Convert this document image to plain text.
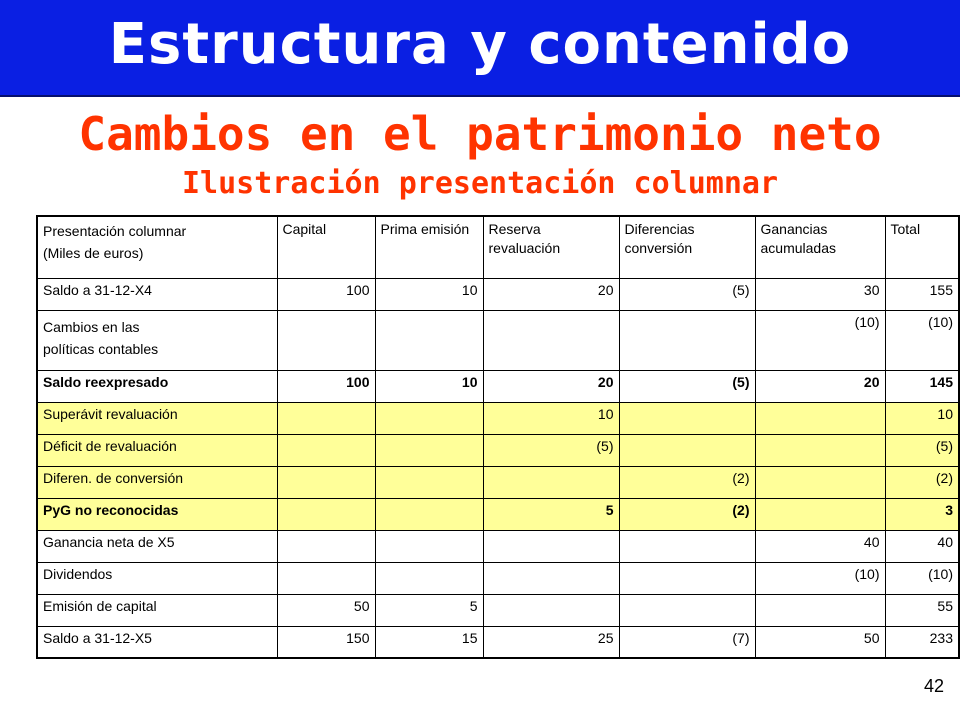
Estructura y contenido
Cambios en el patrimonio neto
Ilustración presentación columnar
Presentación columnar
(Miles de euros)	Capital	Prima emisión	Reserva revaluación	Diferencias conversión	Ganancias acumuladas	Total
Saldo a 31-12-X4	100	10	20	(5)	30	155

Cambios en las
políticas contables					(10)	(10)
Saldo reexpresado	100	10	20	(5)	20	145
Superávit revaluación			10			10
Déficit de revaluación			(5)			(5)
Diferen. de conversión				(2)		(2)
PyG no reconocidas			5	(2)		3
Ganancia neta de X5					40	40
Dividendos					(10)	(10)
Emisión de capital	50	5				55
Saldo a 31-12-X5	150	15	25	(7)	50	233
42
